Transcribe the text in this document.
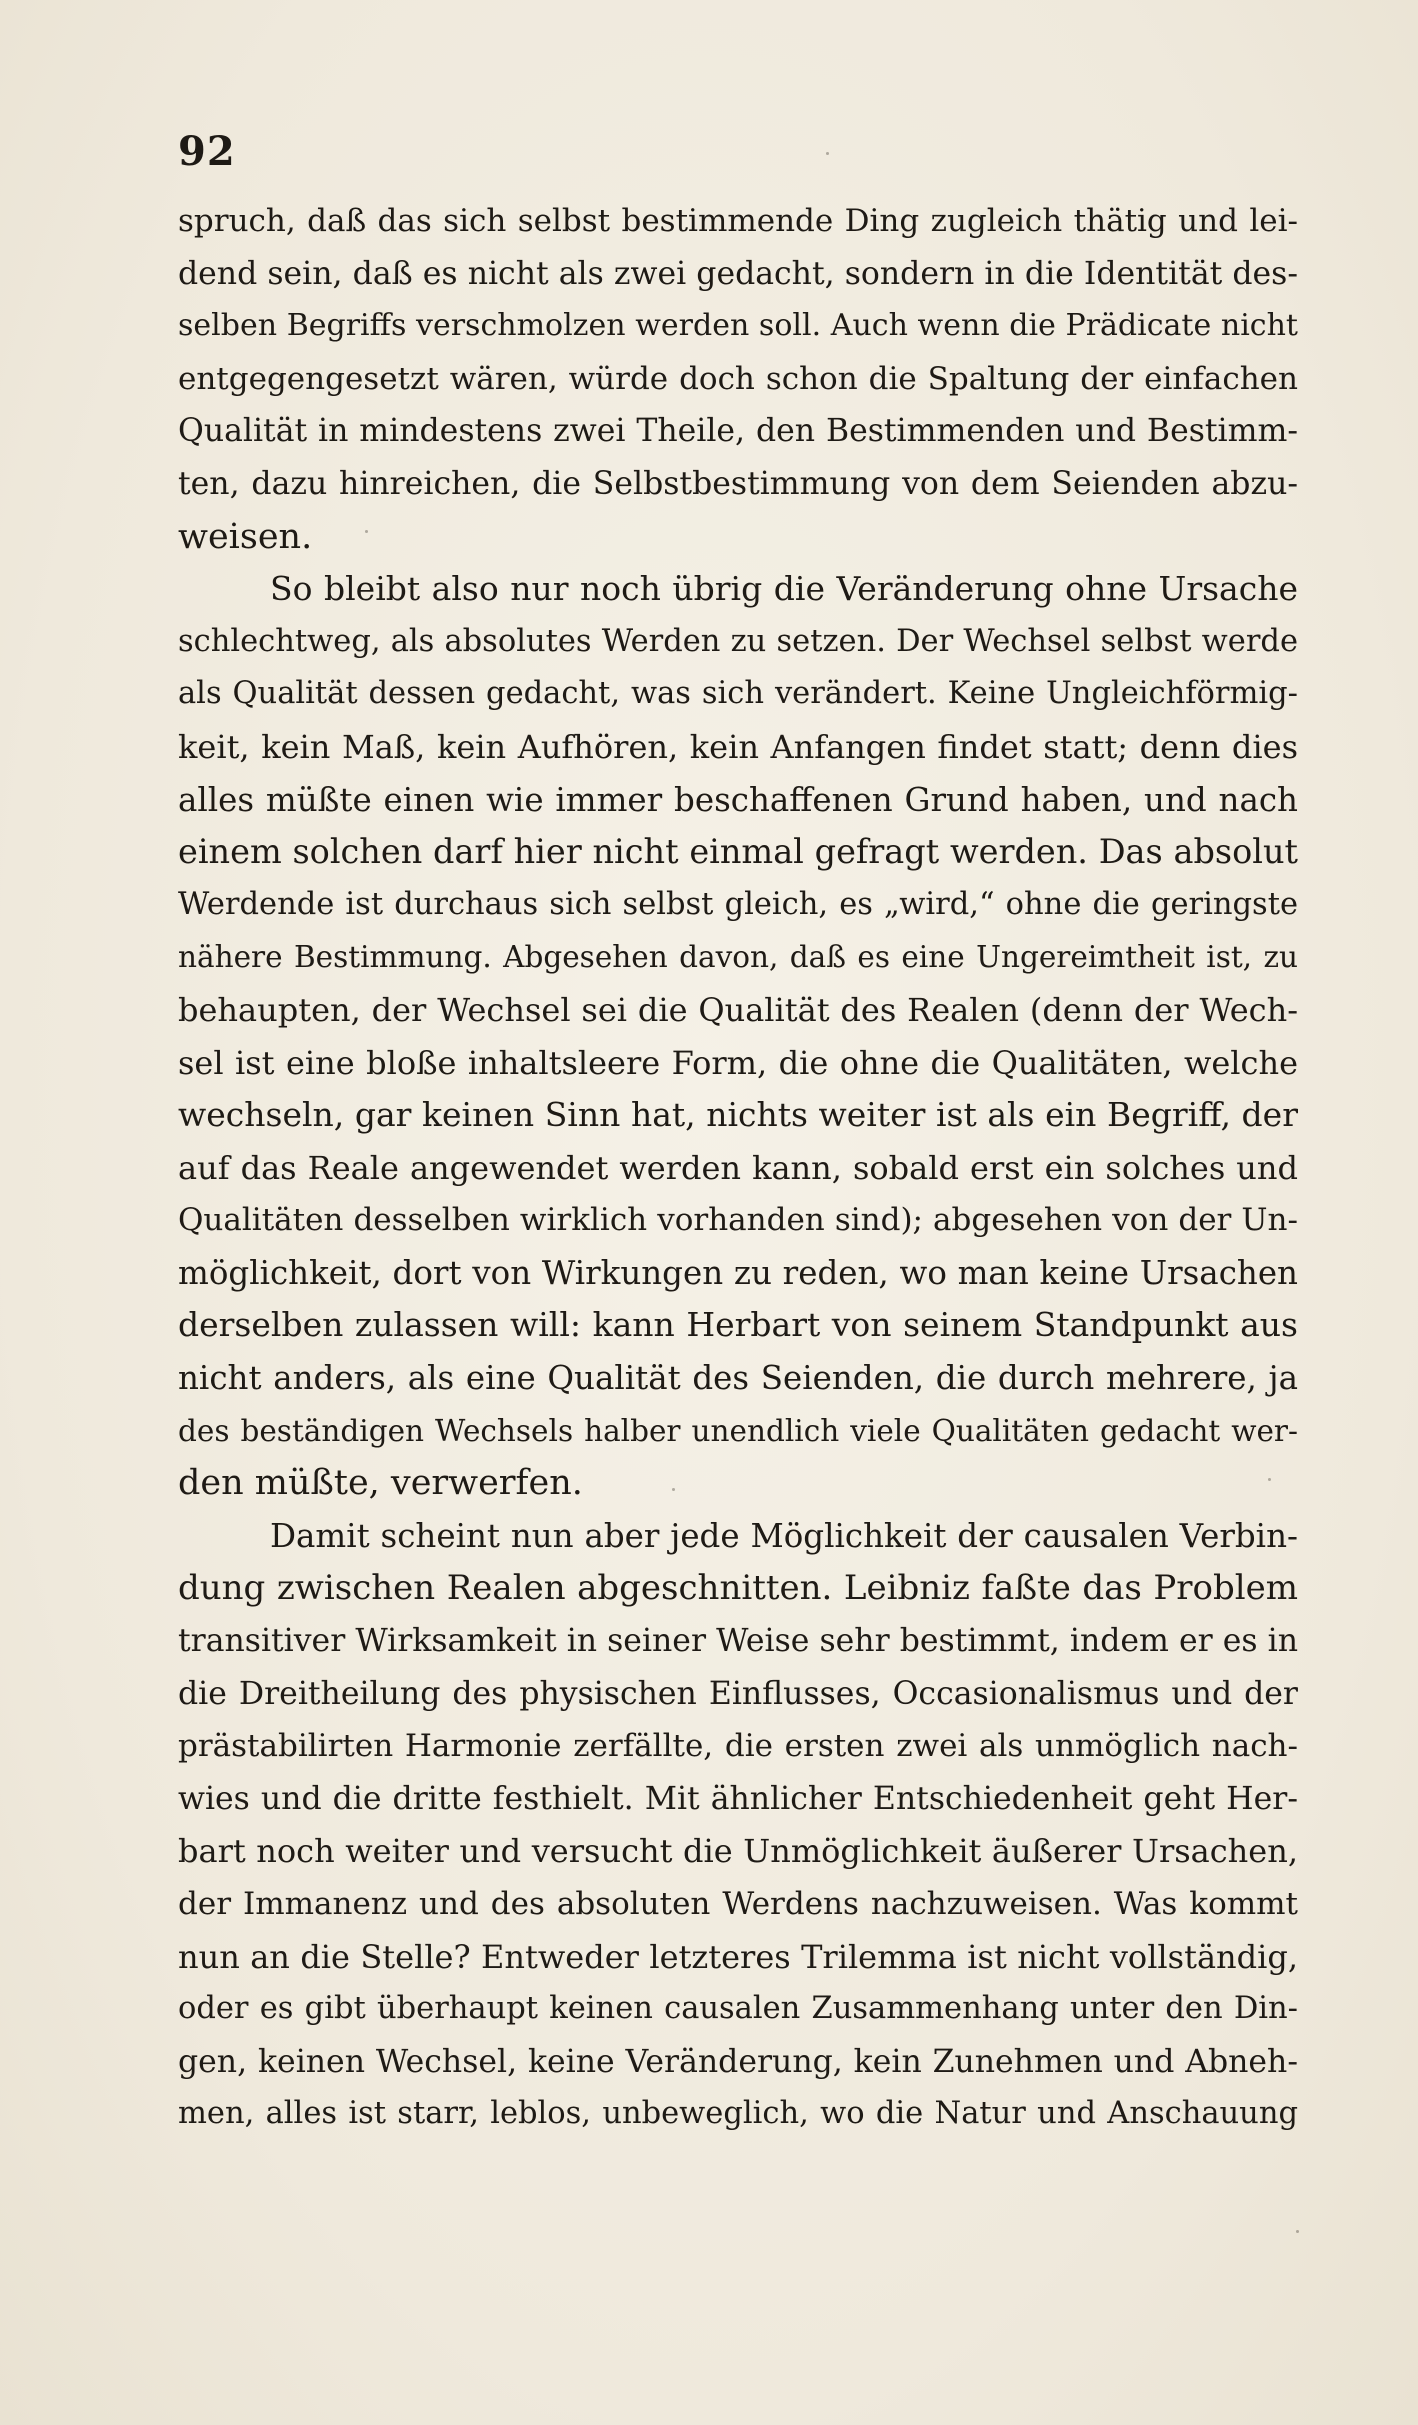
92
spruch, daß das sich selbst bestimmende Ding zugleich thätig und lei-
dend sein, daß es nicht als zwei gedacht, sondern in die Identität des-
selben Begriffs verschmolzen werden soll. Auch wenn die Prädicate nicht
entgegengesetzt wären, würde doch schon die Spaltung der einfachen
Qualität in mindestens zwei Theile, den Bestimmenden und Bestimm-
ten, dazu hinreichen, die Selbstbestimmung von dem Seienden abzu-
weisen.
So bleibt also nur noch übrig die Veränderung ohne Ursache
schlechtweg, als absolutes Werden zu setzen. Der Wechsel selbst werde
als Qualität dessen gedacht, was sich verändert. Keine Ungleichförmig-
keit, kein Maß, kein Aufhören, kein Anfangen findet statt; denn dies
alles müßte einen wie immer beschaffenen Grund haben, und nach
einem solchen darf hier nicht einmal gefragt werden. Das absolut
Werdende ist durchaus sich selbst gleich, es „wird,“ ohne die geringste
nähere Bestimmung. Abgesehen davon, daß es eine Ungereimtheit ist, zu
behaupten, der Wechsel sei die Qualität des Realen (denn der Wech-
sel ist eine bloße inhaltsleere Form, die ohne die Qualitäten, welche
wechseln, gar keinen Sinn hat, nichts weiter ist als ein Begriff, der
auf das Reale angewendet werden kann, sobald erst ein solches und
Qualitäten desselben wirklich vorhanden sind); abgesehen von der Un-
möglichkeit, dort von Wirkungen zu reden, wo man keine Ursachen
derselben zulassen will: kann Herbart von seinem Standpunkt aus
nicht anders, als eine Qualität des Seienden, die durch mehrere, ja
des beständigen Wechsels halber unendlich viele Qualitäten gedacht wer-
den müßte, verwerfen.
Damit scheint nun aber jede Möglichkeit der causalen Verbin-
dung zwischen Realen abgeschnitten. Leibniz faßte das Problem
transitiver Wirksamkeit in seiner Weise sehr bestimmt, indem er es in
die Dreitheilung des physischen Einflusses, Occasionalismus und der
prästabilirten Harmonie zerfällte, die ersten zwei als unmöglich nach-
wies und die dritte festhielt. Mit ähnlicher Entschiedenheit geht Her-
bart noch weiter und versucht die Unmöglichkeit äußerer Ursachen,
der Immanenz und des absoluten Werdens nachzuweisen. Was kommt
nun an die Stelle? Entweder letzteres Trilemma ist nicht vollständig,
oder es gibt überhaupt keinen causalen Zusammenhang unter den Din-
gen, keinen Wechsel, keine Veränderung, kein Zunehmen und Abneh-
men, alles ist starr, leblos, unbeweglich, wo die Natur und Anschauung
